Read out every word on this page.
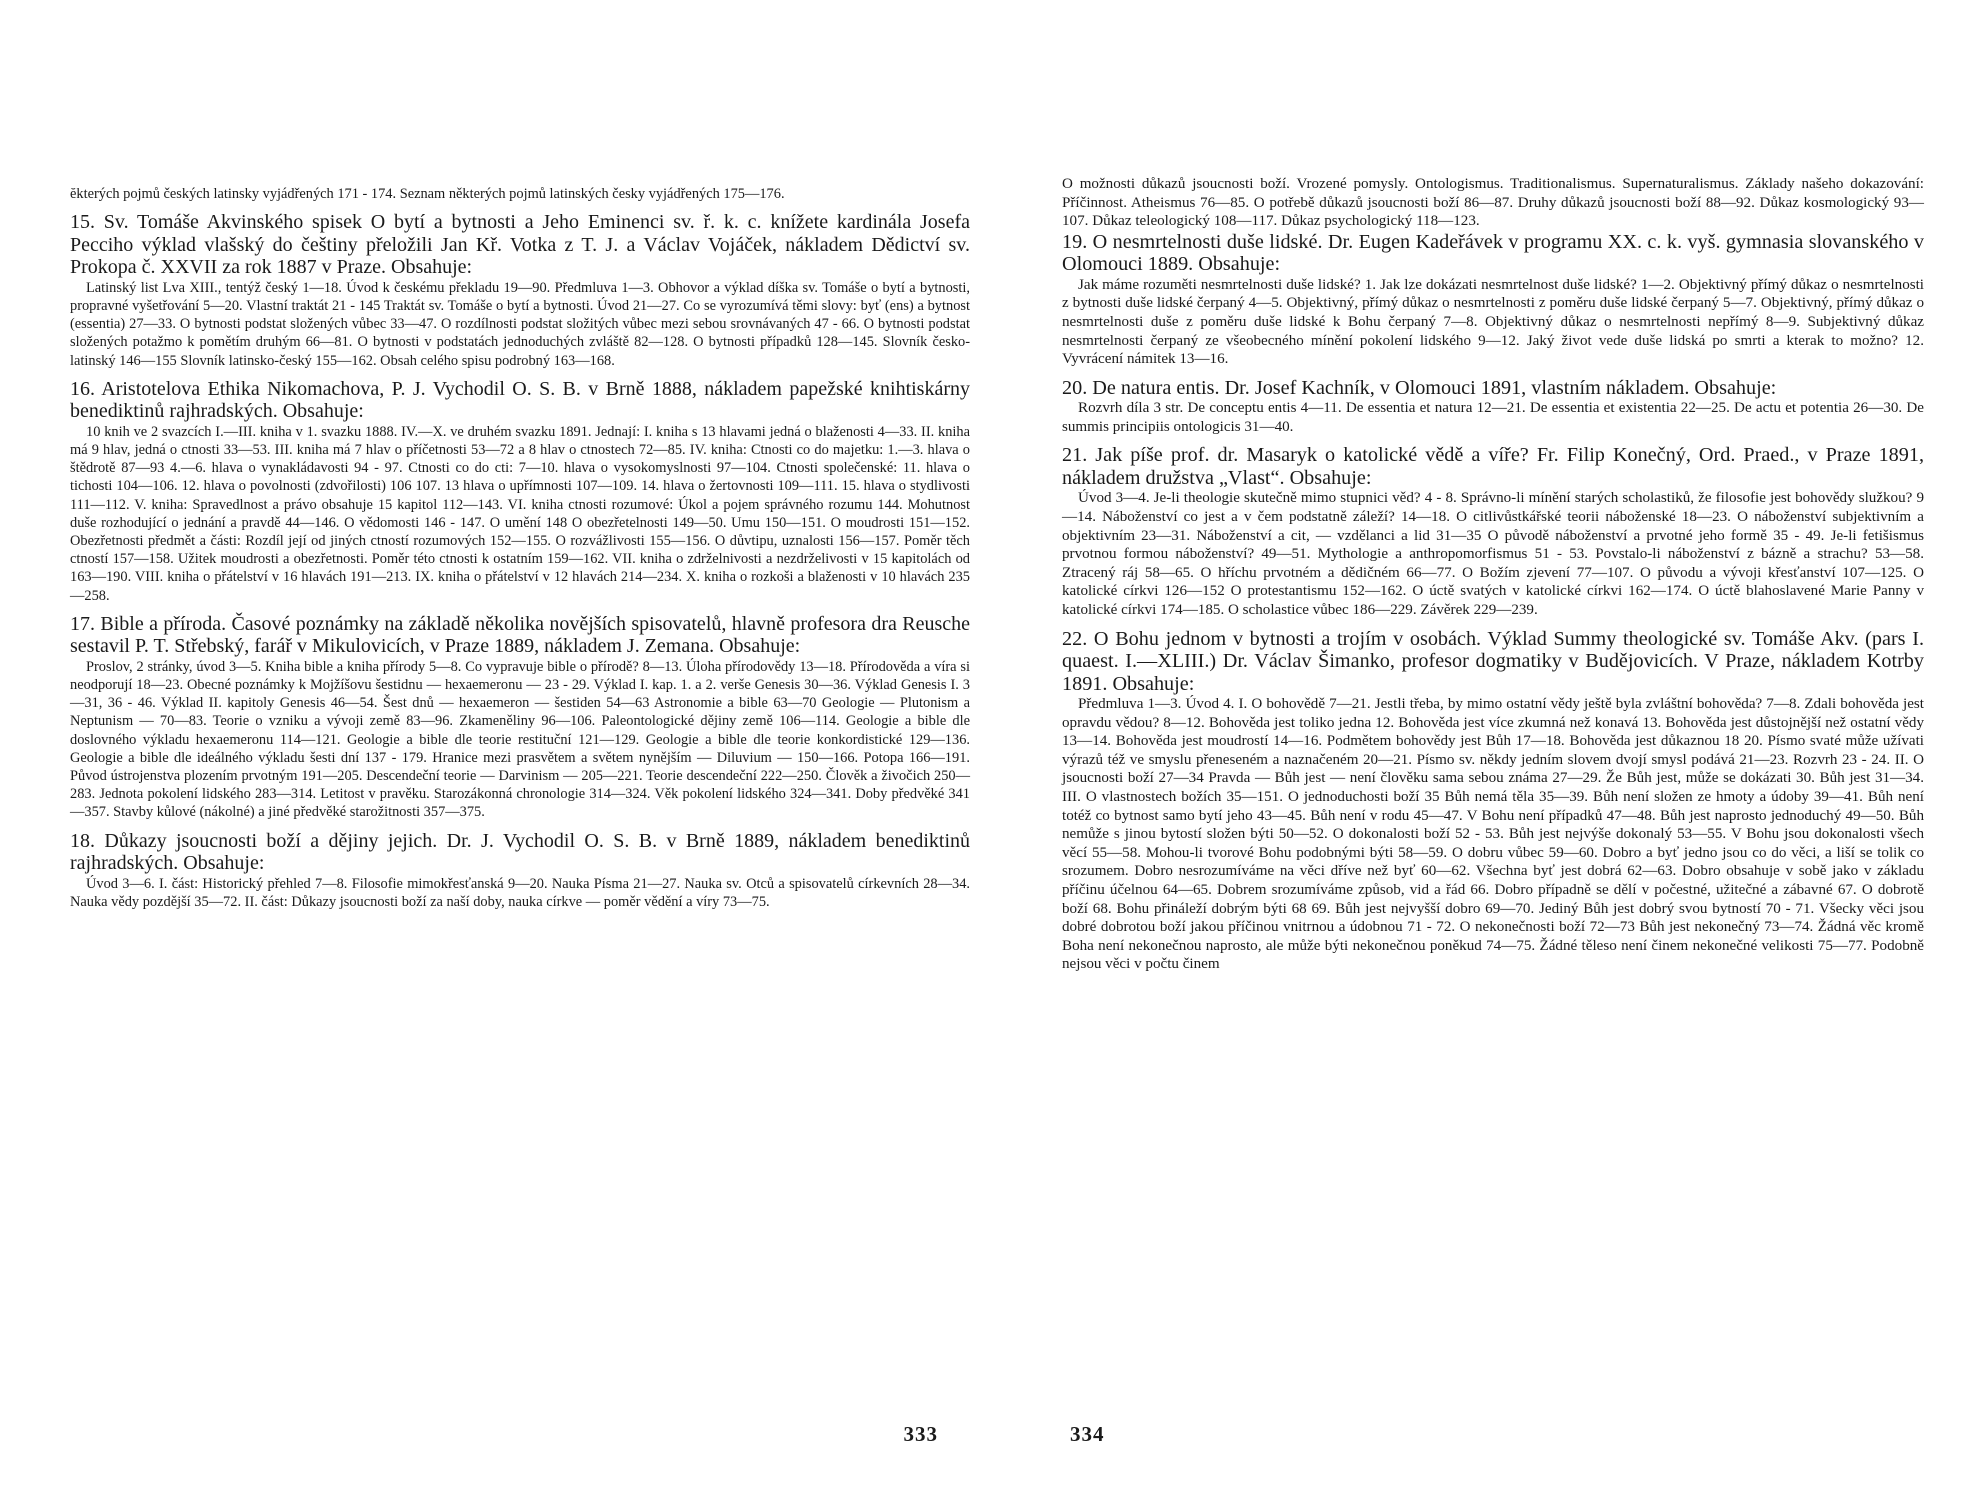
ĕkterých pojmů českých latinsky vyjádřených 171 - 174. Seznam některých pojmů latinských česky vyjádřených 175—176.

15. Sv. Tomáše Akvinského spisek O bytí a bytnosti a Jeho Eminenci sv. ř. k. c. knížete kardinála Josefa Pecciho výklad vlašský do češtiny přeložili Jan Kř. Votka z T. J. a Václav Vojáček, nákladem Dědictví sv. Prokopa č. XXVII za rok 1887 v Praze. Obsahuje:

Latinský list Lva XIII., tentýž český 1—18. Úvod k českému překladu 19—90. Předmluva 1—3. Obhovor a výklad díška sv. Tomáše o bytí a bytnosti, propravné vyšetřování 5—20. Vlastní traktát 21 - 145 Traktát sv. Tomáše o bytí a bytnosti. Úvod 21—27. Co se vyrozumívá těmi slovy: byť (ens) a bytnost (essentia) 27—33. O bytnosti podstat složených vůbec 33—47. O rozdílnosti podstat složitých vůbec mezi sebou srovnávaných 47 - 66. O bytnosti podstat složených potažmo k pomětím druhým 66—81. O bytnosti v podstatách jednoduchých zvláště 82—128. O bytnosti případků 128—145. Slovník česko-latinský 146—155 Slovník latinsko-český 155—162. Obsah celého spisu podrobný 163—168.

16. Aristotelova Ethika Nikomachova, P. J. Vychodil O. S. B. v Brně 1888, nákladem papežské knihtiskárny benediktinů rajhradských. Obsahuje:

10 knih ve 2 svazcích I.—III. kniha v 1. svazku 1888. IV.—X. ve druhém svazku 1891. Jednají: I. kniha s 13 hlavami jedná o blaženosti 4—33. II. kniha má 9 hlav, jedná o ctnosti 33—53. III. kniha má 7 hlav o příčetnosti 53—72 a 8 hlav o ctnostech 72—85. IV. kniha: Ctnosti co do majetku: 1.—3. hlava o štědrotě 87—93 4.—6. hlava o vynakládavosti 94 - 97. Ctnosti co do cti: 7—10. hlava o vysokomyslnosti 97—104. Ctnosti společenské: 11. hlava o tichosti 104—106. 12. hlava o povolnosti (zdvořilosti) 106 107. 13 hlava o upřímnosti 107—109. 14. hlava o žertovnosti 109—111. 15. hlava o stydlivosti 111—112. V. kniha: Spravedlnost a právo obsahuje 15 kapitol 112—143. VI. kniha ctnosti rozumové: Úkol a pojem správného rozumu 144. Mohutnost duše rozhodující o jednání a pravdě 44—146. O vědomosti 146 - 147. O umění 148 O obezřetelnosti 149—50. Umu 150—151. O moudrosti 151—152. Obezřetnosti předmět a části: Rozdíl její od jiných ctností rozumových 152—155. O rozvážlivosti 155—156. O důvtipu, uznalosti 156—157. Poměr těch ctností 157—158. Užitek moudrosti a obezřetnosti. Poměr této ctnosti k ostatním 159—162. VII. kniha o zdrželnivosti a nezdrželivosti v 15 kapitolách od 163—190. VIII. kniha o přátelství v 16 hlavách 191—213. IX. kniha o přátelství v 12 hlavách 214—234. X. kniha o rozkoši a blaženosti v 10 hlavách 235—258.

17. Bible a příroda. Časové poznámky na základě několika novějších spisovatelů, hlavně profesora dra Reusche sestavil P. T. Střebský, farář v Mikulovicích, v Praze 1889, nákladem J. Zemana. Obsahuje:

Proslov, 2 stránky, úvod 3—5. Kniha bible a kniha přírody 5—8. Co vypravuje bible o přírodě? 8—13. Úloha přírodovědy 13—18. Přírodověda a víra si neodporují 18—23. Obecné poznámky k Mojžíšovu šestidnu — hexaemeronu — 23 - 29. Výklad I. kap. 1. a 2. verše Genesis 30—36. Výklad Genesis I. 3—31, 36 - 46. Výklad II. kapitoly Genesis 46—54. Šest dnů — hexaemeron — šestiden 54—63 Astronomie a bible 63—70 Geologie — Plutonism a Neptunism — 70—83. Teorie o vzniku a vývoji země 83—96. Zkameněliny 96—106. Paleontologické dějiny země 106—114. Geologie a bible dle doslovného výkladu hexaemeronu 114—121. Geologie a bible dle teorie restituční 121—129. Geologie a bible dle teorie konkordistické 129—136. Geologie a bible dle ideálného výkladu šesti dní 137 - 179. Hranice mezi prasvětem a světem nynějším — Diluvium — 150—166. Potopa 166—191. Původ ústrojenstva plozením prvotným 191—205. Descendeční teorie — Darvinism — 205—221. Teorie descendeční 222—250. Člověk a živočich 250—283. Jednota pokolení lidského 283—314. Letitost v pravěku. Starozákonná chronologie 314—324. Věk pokolení lidského 324—341. Doby předvěké 341—357. Stavby kůlové (nákolné) a jiné předvěké starožitnosti 357—375.

18. Důkazy jsoucnosti boží a dějiny jejich. Dr. J. Vychodil O. S. B. v Brně 1889, nákladem benediktinů rajhradských. Obsahuje:

Úvod 3—6. I. část: Historický přehled 7—8. Filosofie mimokřesťanská 9—20. Nauka Písma 21—27. Nauka sv. Otců a spisovatelů církevních 28—34. Nauka vědy pozdější 35—72. II. část: Důkazy jsoucnosti boží za naší doby, nauka církve — poměr vědění a víry 73—75.

333

O možnosti důkazů jsoucnosti boží. Vrozené pomysly. Ontologismus. Traditionalismus. Supernaturalismus. Základy našeho dokazování: Příčinnost. Atheismus 76—85. O potřebě důkazů jsoucnosti boží 86—87. Druhy důkazů jsoucnosti boží 88—92. Důkaz kosmologický 93—107. Důkaz teleologický 108—117. Důkaz psychologický 118—123.

19. O nesmrtelnosti duše lidské. Dr. Eugen Kadeřávek v programu XX. c. k. vyš. gymnasia slovanského v Olomouci 1889. Obsahuje:

Jak máme rozuměti nesmrtelnosti duše lidské? 1. Jak lze dokázati nesmrtelnost duše lidské? 1—2. Objektivný přímý důkaz o nesmrtelnosti z bytnosti duše lidské čerpaný 4—5. Objektivný, přímý důkaz o nesmrtelnosti z poměru duše lidské čerpaný 5—7. Objektivný, přímý důkaz o nesmrtelnosti duše z poměru duše lidské k Bohu čerpaný 7—8. Objektivný důkaz o nesmrtelnosti nepřímý 8—9. Subjektivný důkaz nesmrtelnosti čerpaný ze všeobecného mínění pokolení lidského 9—12. Jaký život vede duše lidská po smrti a kterak to možno? 12. Vyvrácení námitek 13—16.

20. De natura entis. Dr. Josef Kachník, v Olomouci 1891, vlastním nákladem. Obsahuje:

Rozvrh díla 3 str. De conceptu entis 4—11. De essentia et natura 12—21. De essentia et existentia 22—25. De actu et potentia 26—30. De summis principiis ontologicis 31—40.

21. Jak píše prof. dr. Masaryk o katolické vědě a víře? Fr. Filip Konečný, Ord. Praed., v Praze 1891, nákladem družstva „Vlast“. Obsahuje:

Úvod 3—4. Je-li theologie skutečně mimo stupnici věd? 4 - 8. Správno-li mínění starých scholastiků, že filosofie jest bohovědy služkou? 9—14. Náboženství co jest a v čem podstatně záleží? 14—18. O citlivůstkářské teorii náboženské 18—23. O náboženství subjektivním a objektivním 23—31. Náboženství a cit, — vzdělanci a lid 31—35 O původě náboženství a prvotné jeho formě 35 - 49. Je-li fetišismus prvotnou formou náboženství? 49—51. Mythologie a anthropomorfismus 51 - 53. Povstalo-li náboženství z bázně a strachu? 53—58. Ztracený ráj 58—65. O hříchu prvotném a dědičném 66—77. O Božím zjevení 77—107. O původu a vývoji křesťanství 107—125. O katolické církvi 126—152 O protestantismu 152—162. O úctě svatých v katolické církvi 162—174. O úctě blahoslavené Marie Panny v katolické církvi 174—185. O scholastice vůbec 186—229. Závěrek 229—239.

22. O Bohu jednom v bytnosti a trojím v osobách. Výklad Summy theologické sv. Tomáše Akv. (pars I. quaest. I.—XLIII.) Dr. Václav Šimanko, profesor dogmatiky v Budějovicích. V Praze, nákladem Kotrby 1891. Obsahuje:

Předmluva 1—3. Úvod 4. I. O bohovědě 7—21. Jestli třeba, by mimo ostatní vědy ještě byla zvláštní bohověda? 7—8. Zdali bohověda jest opravdu vědou? 8—12. Bohověda jest toliko jedna 12. Bohověda jest více zkumná než konavá 13. Bohověda jest důstojnější než ostatní vědy 13—14. Bohověda jest moudrostí 14—16. Podmětem bohovědy jest Bůh 17—18. Bohověda jest důkaznou 18 20. Písmo svaté může užívati výrazů též ve smyslu přeneseném a naznačeném 20—21. Písmo sv. někdy jedním slovem dvojí smysl podává 21—23. Rozvrh 23 - 24. II. O jsoucnosti boží 27—34 Pravda — Bůh jest — není člověku sama sebou známa 27—29. Že Bůh jest, může se dokázati 30. Bůh jest 31—34. III. O vlastnostech božích 35—151. O jednoduchosti boží 35 Bůh nemá těla 35—39. Bůh není složen ze hmoty a údoby 39—41. Bůh není totéž co bytnost samo bytí jeho 43—45. Bůh není v rodu 45—47. V Bohu není případků 47—48. Bůh jest naprosto jednoduchý 49—50. Bůh nemůže s jinou bytostí složen býti 50—52. O dokonalosti boží 52 - 53. Bůh jest nejvýše dokonalý 53—55. V Bohu jsou dokonalosti všech věcí 55—58. Mohou-li tvorové Bohu podobnými býti 58—59. O dobru vůbec 59—60. Dobro a byť jedno jsou co do věci, a liší se tolik co srozumem. Dobro nesrozumíváme na věci dříve než byť 60—62. Všechna byť jest dobrá 62—63. Dobro obsahuje v sobě jako v základu příčinu účelnou 64—65. Dobrem srozumíváme způsob, vid a řád 66. Dobro případně se dělí v počestné, užitečné a zábavné 67. O dobrotě boží 68. Bohu přináleží dobrým býti 68 69. Bůh jest nejvyšší dobro 69—70. Jediný Bůh jest dobrý svou bytností 70 - 71. Všecky věci jsou dobré dobrotou boží jakou příčinou vnitrnou a údobnou 71 - 72. O nekonečnosti boží 72—73 Bůh jest nekonečný 73—74. Žádná věc kromě Boha není nekonečnou naprosto, ale může býti nekonečnou poněkud 74—75. Žádné těleso není činem nekonečné velikosti 75—77. Podobně nejsou věci v počtu činem

334
